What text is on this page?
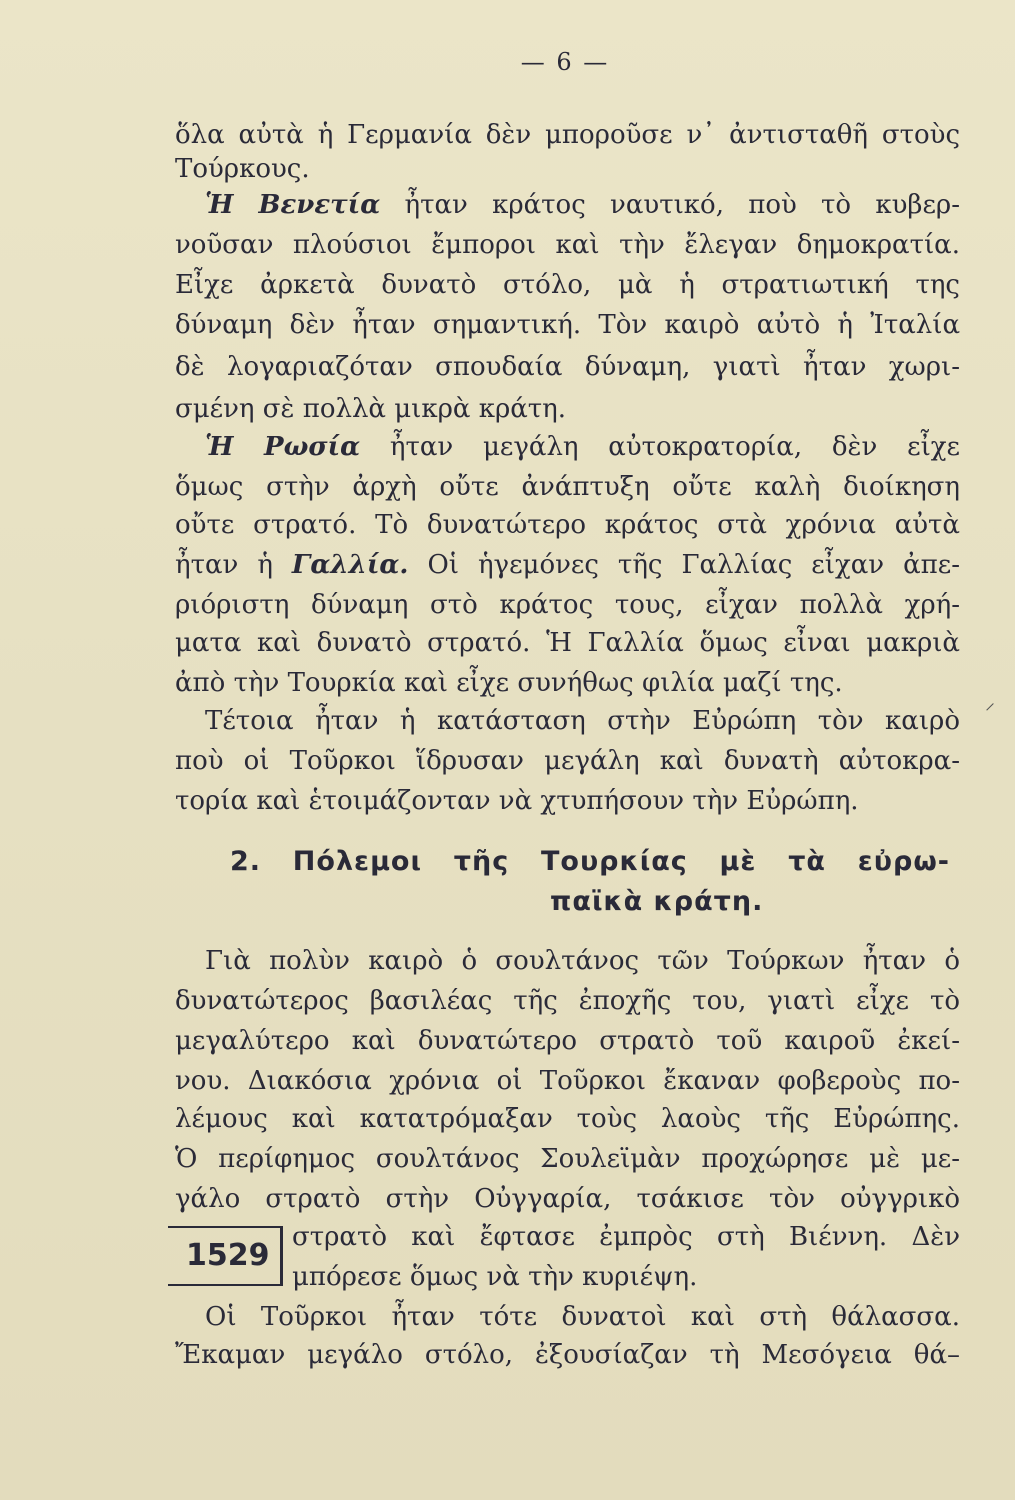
— 6 —
ὅλα αὐτὰ ἡ Γερμανία δὲν μποροῦσε ν᾽ ἀντισταθῆ στοὺς
Τούρκους.
Ἡ Βενετία ἦταν κράτος ναυτικό, ποὺ τὸ κυβερ-
νοῦσαν πλούσιοι ἔμποροι καὶ τὴν ἔλεγαν δημοκρατία.
Εἶχε ἀρκετὰ δυνατὸ στόλο, μὰ ἡ στρατιωτική της
δύναμη δὲν ἦταν σημαντική. Τὸν καιρὸ αὐτὸ ἡ Ἰταλία
δὲ λογαριαζόταν σπουδαία δύναμη, γιατὶ ἦταν χωρι-
σμένη σὲ πολλὰ μικρὰ κράτη.
Ἡ Ρωσία ἦταν μεγάλη αὐτοκρατορία, δὲν εἶχε
ὅμως στὴν ἀρχὴ οὔτε ἀνάπτυξη οὔτε καλὴ διοίκηση
οὔτε στρατό. Τὸ δυνατώτερο κράτος στὰ χρόνια αὐτὰ
ἦταν ἡ Γαλλία. Οἱ ἡγεμόνες τῆς Γαλλίας εἶχαν ἀπε-
ριόριστη δύναμη στὸ κράτος τους, εἶχαν πολλὰ χρή-
ματα καὶ δυνατὸ στρατό. Ἡ Γαλλία ὅμως εἶναι μακριὰ
ἀπὸ τὴν Τουρκία καὶ εἶχε συνήθως φιλία μαζί της.
⸝
Τέτοια ἦταν ἡ κατάσταση στὴν Εὐρώπη τὸν καιρὸ
ποὺ οἱ Τοῦρκοι ἵδρυσαν μεγάλη καὶ δυνατὴ αὐτοκρα-
τορία καὶ ἑτοιμάζονταν νὰ χτυπήσουν τὴν Εὐρώπη.
2. Πόλεμοι τῆς Τουρκίας μὲ τὰ εὐρω-
παϊκὰ κράτη.
Γιὰ πολὺν καιρὸ ὁ σουλτάνος τῶν Τούρκων ἦταν ὁ
δυνατώτερος βασιλέας τῆς ἐποχῆς του, γιατὶ εἶχε τὸ
μεγαλύτερο καὶ δυνατώτερο στρατὸ τοῦ καιροῦ ἐκεί-
νου. Διακόσια χρόνια οἱ Τοῦρκοι ἔκαναν φοβεροὺς πο-
λέμους καὶ κατατρόμαξαν τοὺς λαοὺς τῆς Εὐρώπης.
Ὁ περίφημος σουλτάνος Σουλεϊμὰν προχώρησε μὲ με-
γάλο στρατὸ στὴν Οὐγγαρία, τσάκισε τὸν οὐγγρικὸ
στρατὸ καὶ ἔφτασε ἐμπρὸς στὴ Βιέννη. Δὲν
μπόρεσε ὅμως νὰ τὴν κυριέψη.
1529
Οἱ Τοῦρκοι ἦταν τότε δυνατοὶ καὶ στὴ θάλασσα.
Ἔκαμαν μεγάλο στόλο, ἐξουσίαζαν τὴ Μεσόγεια θά–
